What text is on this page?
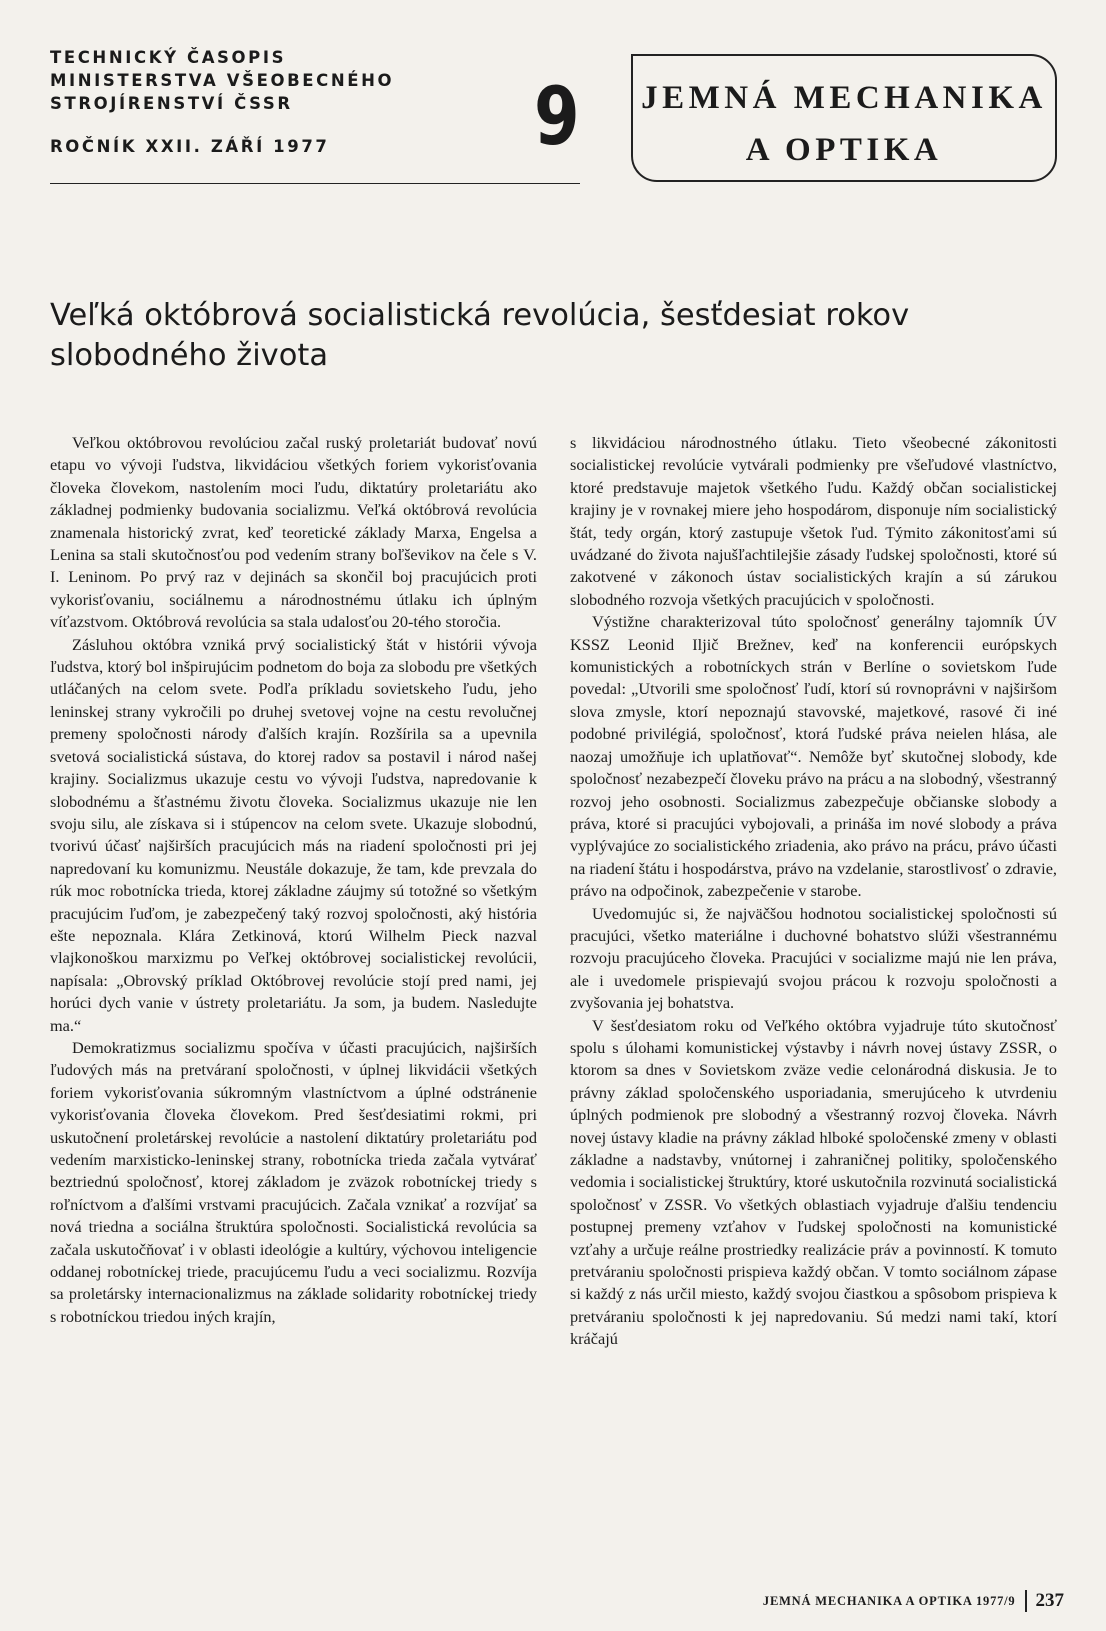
TECHNICKÝ ČASOPIS
MINISTERSTVA VŠEOBECNÉHO
STROJÍRENSTVÍ ČSSR
ROČNÍK XXII. ZÁŘÍ 1977	9 JEMNÁ MECHANIKA
A OPTIKA
Veľká októbrová socialistická revolúcia, šesťdesiat rokov
slobodného života

Veľkou októbrovou revolúciou začal ruský proletariát budovať novú etapu vo vývoji ľudstva, likvidáciou všetkých foriem vykorisťovania človeka človekom, nastolením moci ľudu, diktatúry proletariátu ako základnej podmienky budovania socializmu. Veľká októbrová revolúcia znamenala historický zvrat, keď teoretické základy Marxa, Engelsa a Lenina sa stali skutočnosťou pod vedením strany boľševikov na čele s V. I. Leninom. Po prvý raz v dejinách sa skončil boj pracujúcich proti vykorisťovaniu, sociálnemu a národnostnému útlaku ich úplným víťazstvom. Októbrová revolúcia sa stala udalosťou 20-tého storočia.

Zásluhou októbra vzniká prvý socialistický štát v histórii vývoja ľudstva, ktorý bol inšpirujúcim podnetom do boja za slobodu pre všetkých utláčaných na celom svete. Podľa príkladu sovietskeho ľudu, jeho leninskej strany vykročili po druhej svetovej vojne na cestu revolučnej premeny spoločnosti národy ďalších krajín. Rozšírila sa a upevnila svetová socialistická sústava, do ktorej radov sa postavil i národ našej krajiny. Socializmus ukazuje cestu vo vývoji ľudstva, napredovanie k slobodnému a šťastnému životu človeka. Socializmus ukazuje nie len svoju silu, ale získava si i stúpencov na celom svete. Ukazuje slobodnú, tvorivú účasť najširších pracujúcich más na riadení spoločnosti pri jej napredovaní ku komunizmu. Neustále dokazuje, že tam, kde prevzala do rúk moc robotnícka trieda, ktorej základne záujmy sú totožné so všetkým pracujúcim ľuďom, je zabezpečený taký rozvoj spoločnosti, aký história ešte nepoznala. Klára Zetkinová, ktorú Wilhelm Pieck nazval vlajkonoškou marxizmu po Veľkej októbrovej socialistickej revolúcii, napísala: „Obrovský príklad Októbrovej revolúcie stojí pred nami, jej horúci dych vanie v ústrety proletariátu. Ja som, ja budem. Nasledujte ma.“

Demokratizmus socializmu spočíva v účasti pracujúcich, najširších ľudových más na pretváraní spoločnosti, v úplnej likvidácii všetkých foriem vykorisťovania súkromným vlastníctvom a úplné odstránenie vykorisťovania človeka človekom. Pred šesťdesiatimi rokmi, pri uskutočnení proletárskej revolúcie a nastolení diktatúry proletariátu pod vedením marxisticko-leninskej strany, robotnícka trieda začala vytvárať beztriednú spoločnosť, ktorej základom je zväzok robotníckej triedy s roľníctvom a ďalšími vrstvami pracujúcich. Začala vznikať a rozvíjať sa nová triedna a sociálna štruktúra spoločnosti. Socialistická revolúcia sa začala uskutočňovať i v oblasti ideológie a kultúry, výchovou inteligencie oddanej robotníckej triede, pracujúcemu ľudu a veci socializmu. Rozvíja sa proletársky internacionalizmus na základe solidarity robotníckej triedy s robotníckou triedou iných krajín,

s likvidáciou národnostného útlaku. Tieto všeobecné zákonitosti socialistickej revolúcie vytvárali podmienky pre všeľudové vlastníctvo, ktoré predstavuje majetok všetkého ľudu. Každý občan socialistickej krajiny je v rovnakej miere jeho hospodárom, disponuje ním socialistický štát, tedy orgán, ktorý zastupuje všetok ľud. Týmito zákonitosťami sú uvádzané do života najušľachtilejšie zásady ľudskej spoločnosti, ktoré sú zakotvené v zákonoch ústav socialistických krajín a sú zárukou slobodného rozvoja všetkých pracujúcich v spoločnosti.

Výstižne charakterizoval túto spoločnosť generálny tajomník ÚV KSSZ Leonid Iljič Brežnev, keď na konferencii európskych komunistických a robotníckych strán v Berlíne o sovietskom ľude povedal: „Utvorili sme spoločnosť ľudí, ktorí sú rovnoprávni v najširšom slova zmysle, ktorí nepoznajú stavovské, majetkové, rasové či iné podobné privilégiá, spoločnosť, ktorá ľudské práva neielen hlása, ale naozaj umožňuje ich uplatňovať“. Nemôže byť skutočnej slobody, kde spoločnosť nezabezpečí človeku právo na prácu a na slobodný, všestranný rozvoj jeho osobnosti. Socializmus zabezpečuje občianske slobody a práva, ktoré si pracujúci vybojovali, a prináša im nové slobody a práva vyplývajúce zo socialistického zriadenia, ako právo na prácu, právo účasti na riadení štátu i hospodárstva, právo na vzdelanie, starostlivosť o zdravie, právo na odpočinok, zabezpečenie v starobe.

Uvedomujúc si, že najväčšou hodnotou socialistickej spoločnosti sú pracujúci, všetko materiálne i duchovné bohatstvo slúži všestrannému rozvoju pracujúceho človeka. Pracujúci v socializme majú nie len práva, ale i uvedomele prispievajú svojou prácou k rozvoju spoločnosti a zvyšovania jej bohatstva.

V šesťdesiatom roku od Veľkého októbra vyjadruje túto skutočnosť spolu s úlohami komunistickej výstavby i návrh novej ústavy ZSSR, o ktorom sa dnes v Sovietskom zväze vedie celonárodná diskusia. Je to právny základ spoločenského usporiadania, smerujúceho k utvrdeniu úplných podmienok pre slobodný a všestranný rozvoj človeka. Návrh novej ústavy kladie na právny základ hlboké spoločenské zmeny v oblasti základne a nadstavby, vnútornej i zahraničnej politiky, spoločenského vedomia i socialistickej štruktúry, ktoré uskutočnila rozvinutá socialistická spoločnosť v ZSSR. Vo všetkých oblastiach vyjadruje ďalšiu tendenciu postupnej premeny vzťahov v ľudskej spoločnosti na komunistické vzťahy a určuje reálne prostriedky realizácie práv a povinností. K tomuto pretváraniu spoločnosti prispieva každý občan. V tomto sociálnom zápase si každý z nás určil miesto, každý svojou čiastkou a spôsobom prispieva k pretváraniu spoločnosti k jej napredovaniu. Sú medzi nami takí, ktorí kráčajú

JEMNÁ MECHANIKA A OPTIKA 1977/9 237
